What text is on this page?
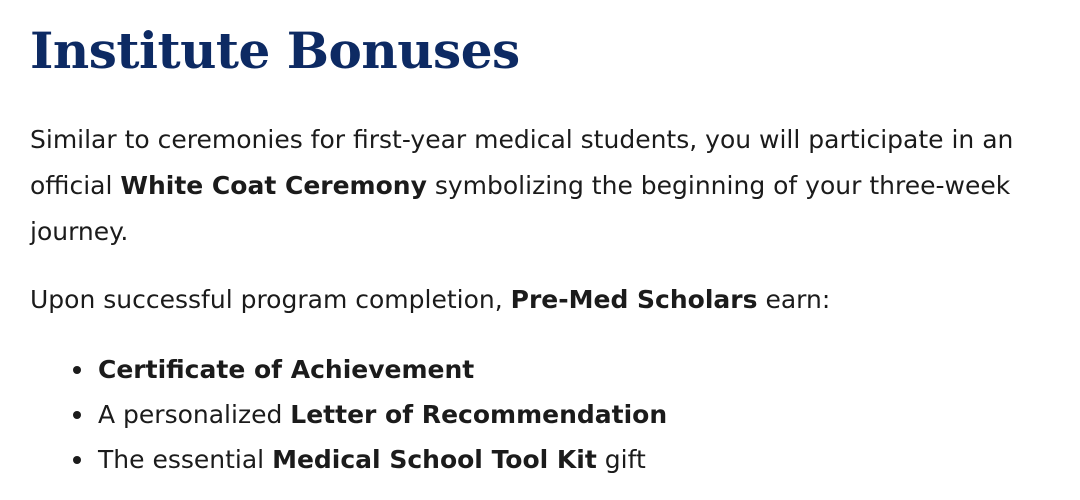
Institute Bonuses

Similar to ceremonies for first-year medical students, you will participate in an official White Coat Ceremony symbolizing the beginning of your three-week journey.

Upon successful program completion, Pre-Med Scholars earn:

Certificate of Achievement
A personalized Letter of Recommendation
The essential Medical School Tool Kit gift
